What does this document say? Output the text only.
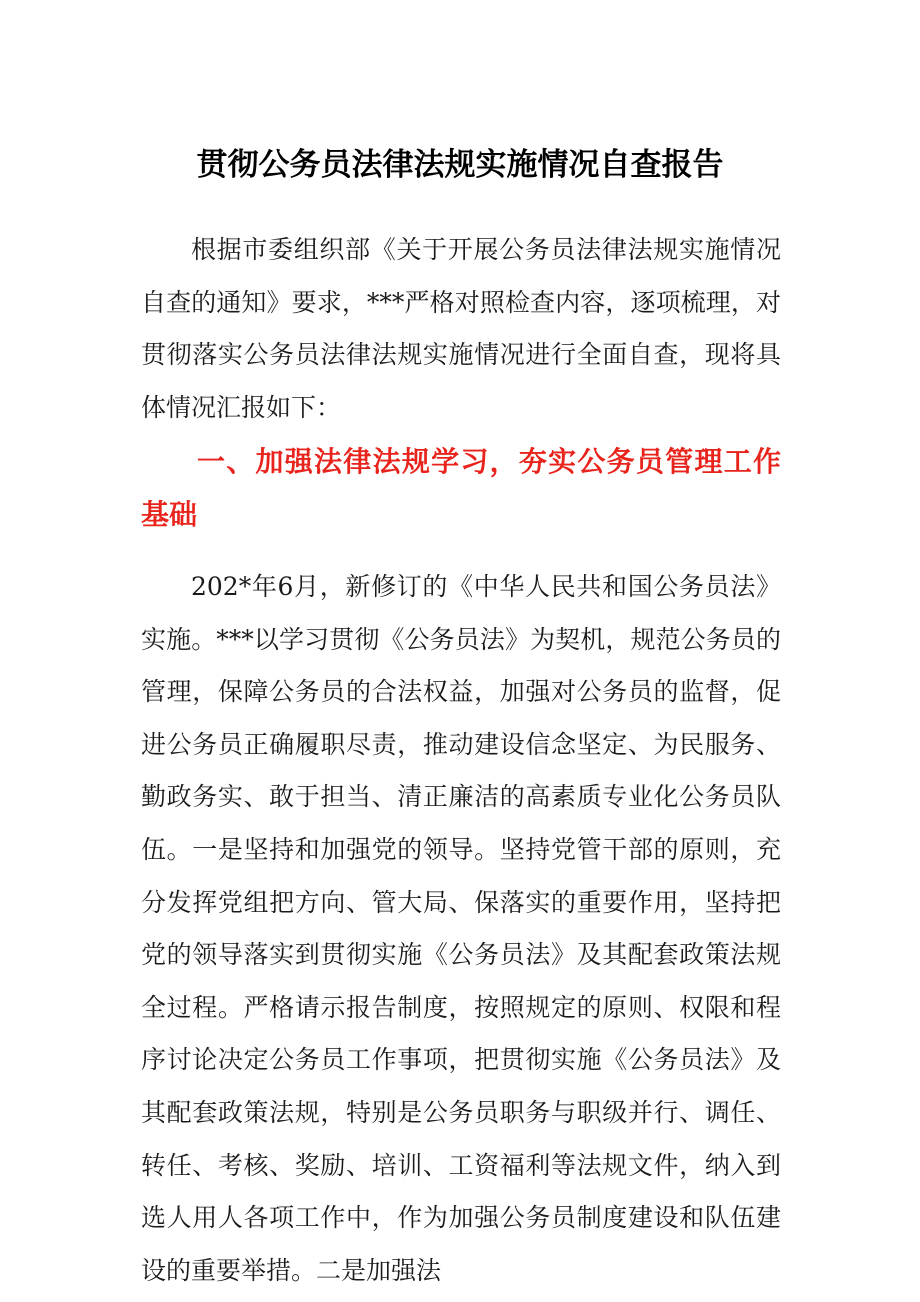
贯彻公务员法律法规实施情况自查报告

根据市委组织部《关于开展公务员法律法规实施情况自查的通知》要求，***严格对照检查内容，逐项梳理，对贯彻落实公务员法律法规实施情况进行全面自查，现将具体情况汇报如下：

一、加强法律法规学习，夯实公务员管理工作基础

202*年6月，新修订的《中华人民共和国公务员法》实施。***以学习贯彻《公务员法》为契机，规范公务员的管理，保障公务员的合法权益，加强对公务员的监督，促进公务员正确履职尽责，推动建设信念坚定、为民服务、勤政务实、敢于担当、清正廉洁的高素质专业化公务员队伍。一是坚持和加强党的领导。坚持党管干部的原则，充分发挥党组把方向、管大局、保落实的重要作用，坚持把党的领导落实到贯彻实施《公务员法》及其配套政策法规全过程。严格请示报告制度，按照规定的原则、权限和程序讨论决定公务员工作事项，把贯彻实施《公务员法》及其配套政策法规，特别是公务员职务与职级并行、调任、转任、考核、奖励、培训、工资福利等法规文件，纳入到选人用人各项工作中，作为加强公务员制度建设和队伍建设的重要举措。二是加强法
